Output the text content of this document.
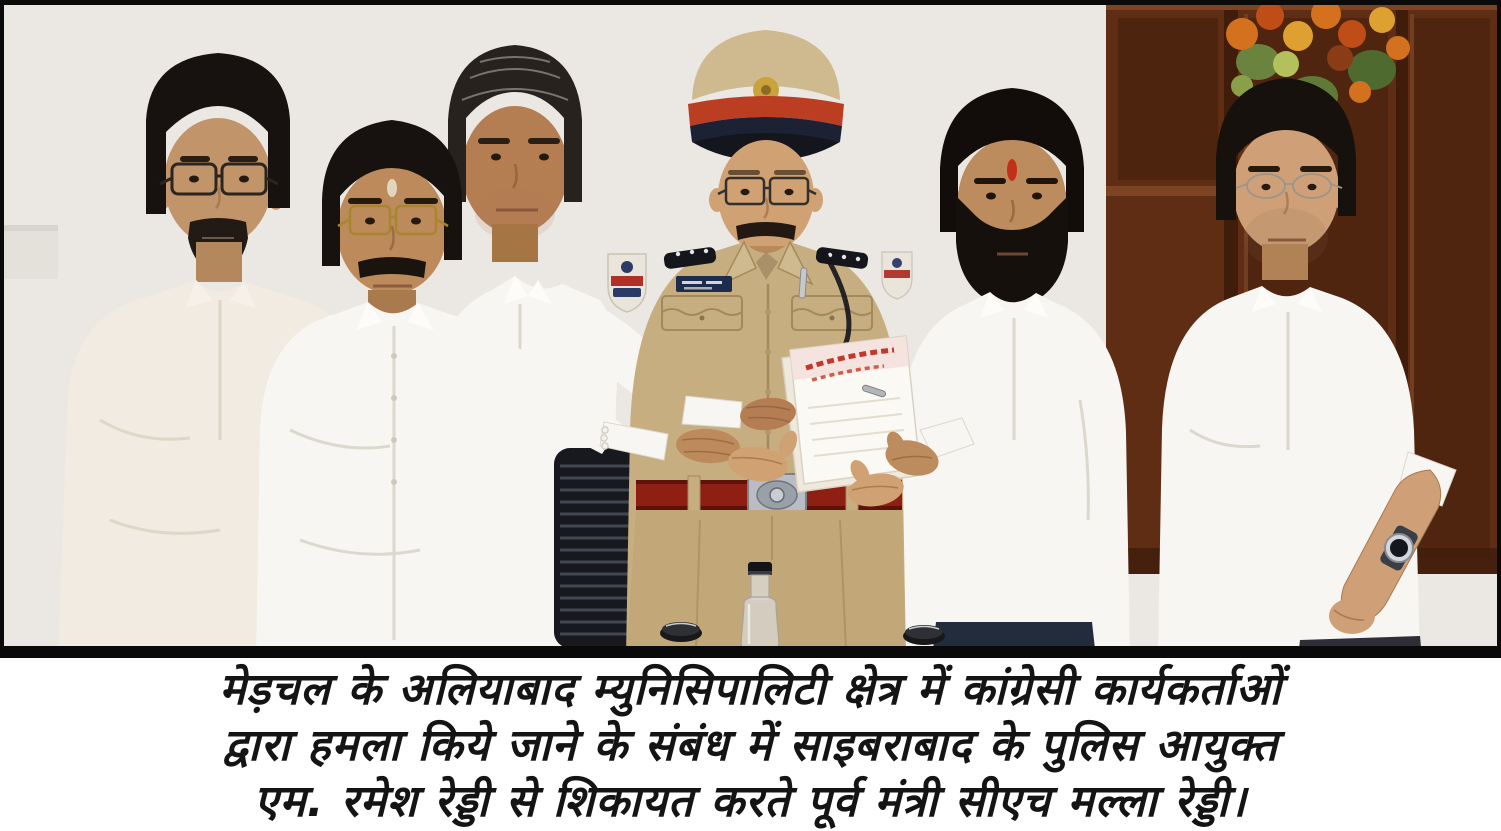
मेड़चल के अलियाबाद म्युनिसिपालिटी क्षेत्र में कांग्रेसी कार्यकर्ताओं
द्वारा हमला किये जाने के संबंध में साइबराबाद के पुलिस आयुक्त
एम. रमेश रेड्डी से शिकायत करते पूर्व मंत्री सीएच मल्ला रेड्डी।
